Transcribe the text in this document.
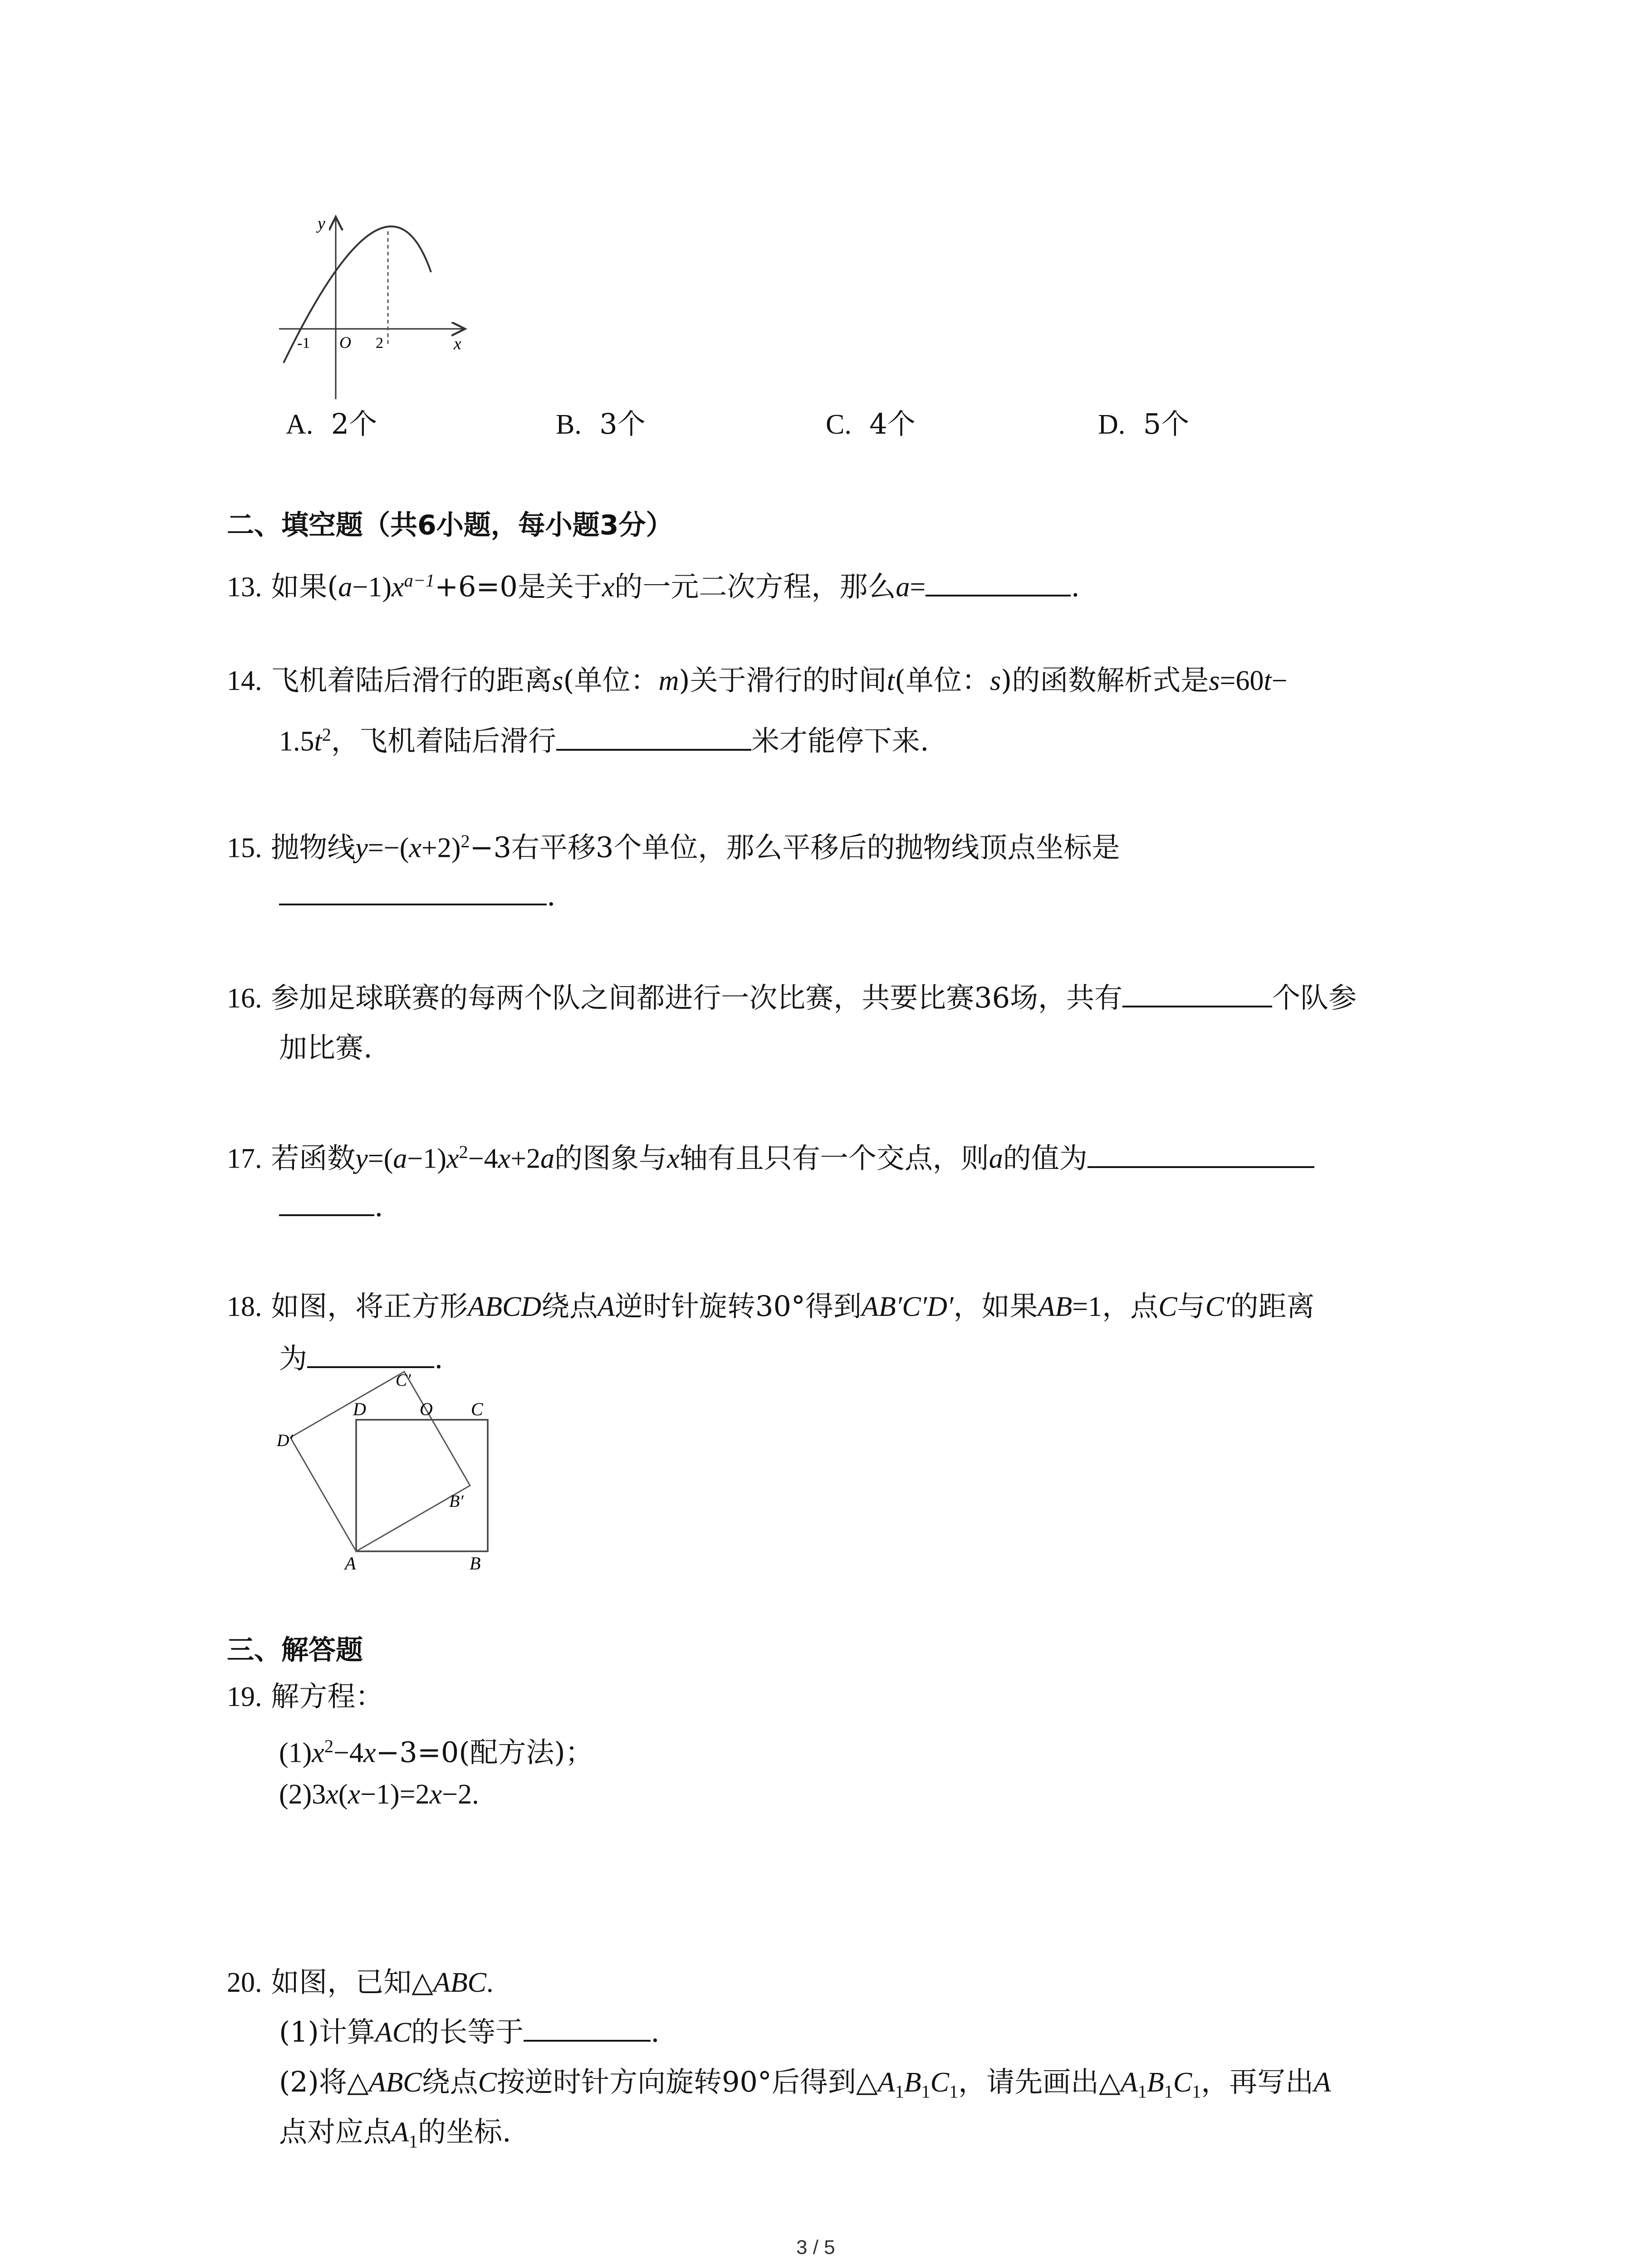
y
x
O
-1	2
A. 2个	B. 3个	C. 4个	D. 5个
二、填空题（共6小题，每小题3分）
13. 如果$(a-1)x^{a-1}+6=0$是关于x的一元二次方程，那么a=	.
14. 飞机着陆后滑行的距离s(单位：m)关于滑行的时间t(单位：s)的函数解析式是s=60t−
$1.5t^2$，飞机着陆后滑行	米才能停下来.
15. 抛物线$y=-(x+2)^2-3$右平移3个单位，那么平移后的抛物线顶点坐标是
.
16. 参加足球联赛的每两个队之间都进行一次比赛，共要比赛36场，共有	个队参
加比赛.
17. 若函数$y=(a-1)x^2-4x+2a$的图象与x轴有且只有一个交点，则a的值为
.
18. 如图，将正方形ABCD绕点A逆时针旋转30°得到AB′C′D′，如果AB=1，点C与C′的距离
为	.
A	B
C
D	O
B′
C′
D′
三、解答题
19. 解方程：
$(1)x^2-4x-3=0$(配方法)；
(2)3x(x−1)=2x−2.
20. 如图，已知△ABC.
(1)计算AC的长等于	.
(2)将△ABC绕点C按逆时针方向旋转90°后得到$\triangle A_1B_1C_1$，请先画出$\triangle A_1B_1C_1$，再写出A
点对应点$A_1$的坐标.
3 / 5
